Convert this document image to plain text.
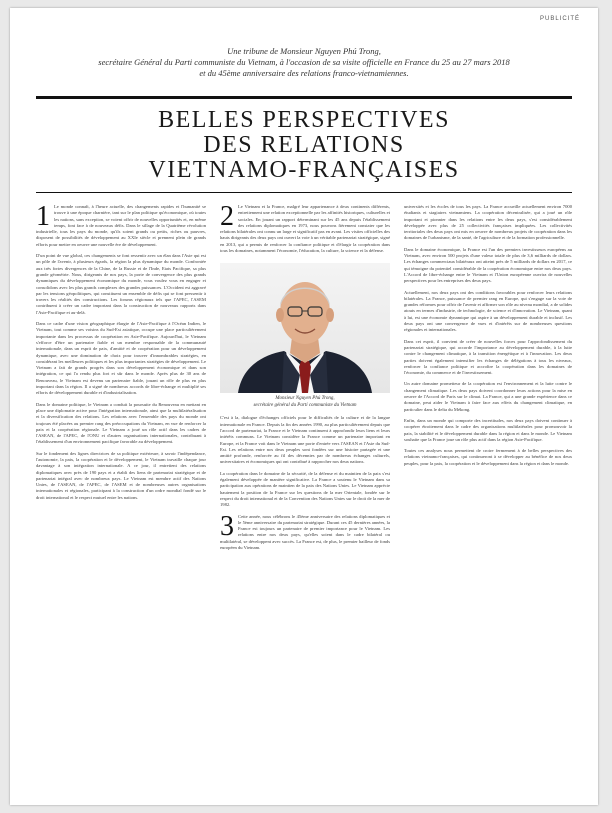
PUBLICITÉ
Une tribune de Monsieur Nguyen Phú Trong,
secrétaire Général du Parti communiste du Vietnam, à l'occasion de sa visite officielle en France du 25 au 27 mars 2018
et du 45ème anniversaire des relations franco-vietnamiennes.
BELLES PERSPECTIVES
DES RELATIONS
VIETNAMO-FRANÇAISES
1 Le monde connaît, à l'heure actuelle, des changements rapides et l'humanité se trouve à une époque charnière, tant sur le plan politique qu'économique, où toutes les nations, sans exception, se voient offrir de nouvelles opportunités et, en même temps, font face à de nouveaux défis. Dans le sillage de la Quatrième révolution industrielle, tous les pays du monde, qu'ils soient grands ou petits, riches ou pauvres, disposent de possibilités de développement au XXIe siècle et prennent plein de grands efforts pour mettre en oeuvre une nouvelle ère de développement.

D'un point de vue global, ces changements se font ressentir avec un élan dans l'Asie qui est un pôle de l'avenir, à plusieurs égards, la région la plus dynamique du monde. Confrontée aux très fortes divergences de la Chine, de la Russie et de l'Inde, Etats Pacifique, sa plus grande géométrie. Nous, dirigeants de nos pays, la porte de convergence des plus grands dynamiques du développement économique du monde, vous voulez vous en engager et consolidons avec les plus grands complexes des grandes puissances. L'Occident est aggravé par les tensions géopolitiques, qui constituent un ensemble de défis qui se font pressentir à travers les réalités des constructions. Les forums régionaux tels que l'APEC, l'ASEM contribuent à créer un cadre important dans la construction de nouveaux rapports dans l'Asie-Pacifique et au-delà.

Dans ce cadre d'une vision géographique élargie de l'Asie-Pacifique à l'Océan Indien, le Vietnam, tout comme ses voisins du Sud-Est asiatique, occupe une place particulièrement importante dans les processus de coopération en Asie-Pacifique. Aujourd'hui, le Vietnam s'efforce d'être un partenaire fiable et un membre responsable de la communauté internationale, dans un esprit de paix, d'amitié et de coopération pour un développement dynamique, avec une domination de choix pour trouver d'innombrables stratégies, en considérant les meilleures politiques et les plus importantes stratégies de développement. Le Vietnam a fait de grands progrès dans son développement économique et dans son intégration, ce qui l'a rendu plus fort et sûr dans le monde. Après plus de 30 ans de Renouveau, le Vietnam est devenu un partenaire fiable, jouant un rôle de plus en plus important dans la région. Il a signé de nombreux accords de libre-échange et multiplié ses efforts de développement durable et d'industrialisation.

Dans le domaine politique, le Vietnam a conduit la poursuite du Renouveau en mettant en place une diplomatie active pour l'intégration internationale, ainsi que la multilatéralisation et la diversification des relations. Les relations avec l'ensemble des pays du monde ont toujours été placées au premier rang des préoccupations du Vietnam, en vue de renforcer la paix et la coopération régionale. Le Vietnam a joué un rôle actif dans les cadres de l'ASEAN, de l'APEC, de l'ONU et d'autres organisations internationales, contribuant à l'établissement d'un environnement pacifique favorable au développement.

Sur le fondement des lignes directrices de sa politique extérieure, à savoir l'indépendance, l'autonomie, la paix, la coopération et le développement, le Vietnam travaille chaque jour davantage à son intégration internationale. A ce jour, il entretient des relations diplomatiques avec près de 190 pays et a établi des liens de partenariat stratégique et de partenariat intégral avec de nombreux pays. Le Vietnam est membre actif des Nations Unies, de l'ASEAN, de l'APEC, de l'ASEM et de nombreuses autres organisations internationales et régionales, participant à la construction d'un ordre mondial fondé sur le droit international et le respect mutuel entre les nations.

2 Le Vietnam et la France, malgré leur appartenance à deux continents différents, entretiennent une relation exceptionnelle par les affinités historiques, culturelles et sociales. En jouant un rapport déterminant sur les 45 ans depuis l'établissement des relations diplomatiques en 1973, nous pouvons fièrement constater que les relations bilatérales ont connu un large et significatif pas en avant. Les visites officielles des hauts dirigeants des deux pays ont ouvert la voie à un véritable partenariat stratégique, signé en 2013, qui a permis de renforcer la confiance politique et d'élargir la coopération dans tous les domaines, notamment l'économie, l'éducation, la culture, la science et la défense.

Monsieur Nguyen Phú Trong,
secrétaire général du Parti communiste du Vietnam

C'est à la, dialogue d'échanges officiels pour le difficultés de la culture et de la langue internationale en France. Depuis la fin des années 1990, au plus particulièrement depuis que l'accord de partenariat, la France et le Vietnam continuent à approfondir leurs liens et leurs intérêts communs. Le Vietnam considère la France comme un partenaire important en Europe, et la France voit dans le Vietnam une porte d'entrée vers l'ASEAN et l'Asie du Sud-Est. Les relations entre nos deux peuples sont fondées sur une histoire partagée et une amitié profonde, renforcée au fil des décennies par de nombreux échanges culturels, universitaires et économiques qui ont contribué à rapprocher nos deux nations.

La coopération dans le domaine de la sécurité, de la défense et du maintien de la paix s'est également développée de manière significative. La France a soutenu le Vietnam dans sa participation aux opérations de maintien de la paix des Nations Unies. Le Vietnam apprécie hautement la position de la France sur les questions de la mer Orientale, fondée sur le respect du droit international et de la Convention des Nations Unies sur le droit de la mer de 1982.

3 Cette année, nous célébrons le 45ème anniversaire des relations diplomatiques et le 5ème anniversaire du partenariat stratégique. Durant ces 45 dernières années, la France est toujours un partenaire de premier importance pour le Vietnam. Les relations entre nos deux pays, qu'elles soient dans le cadre bilatéral ou multilatéral, se développent avec succès. La France est, de plus, le premier bailleur de fonds européen du Vietnam.

universités et les écoles de tous les pays. La France accueille actuellement environ 7000 étudiants et stagiaires vietnamiens. La coopération décentralisée, qui a joué un rôle important et pionnier dans les relations entre les deux pays, s'est considérablement développée avec plus de 25 collectivités françaises impliquées. Les collectivités territoriales des deux pays ont mis en oeuvre de nombreux projets de coopération dans les domaines de l'urbanisme, de la santé, de l'agriculture et de la formation professionnelle.

Dans le domaine économique, la France est l'un des premiers investisseurs européens au Vietnam, avec environ 500 projets d'une valeur totale de plus de 3,6 milliards de dollars. Les échanges commerciaux bilatéraux ont atteint près de 5 milliards de dollars en 2017, ce qui témoigne du potentiel considérable de la coopération économique entre nos deux pays. L'Accord de libre-échange entre le Vietnam et l'Union européenne ouvrira de nouvelles perspectives pour les entreprises des deux pays.

Actuellement, nos deux pays ont des conditions favorables pour renforcer leurs relations bilatérales. La France, puissance de premier rang en Europe, qui s'engage sur la voie de grandes réformes pour offrir de l'avenir et affirmer son rôle au niveau mondial, a de solides atouts en termes d'industrie, de technologie, de science et d'innovation. Le Vietnam, quant à lui, est une économie dynamique qui aspire à un développement durable et inclusif. Les deux pays ont une convergence de vues et d'intérêts sur de nombreuses questions régionales et internationales.

Dans cet esprit, il convient de créer de nouvelles forces pour l'approfondissement du partenariat stratégique, qui accorde l'importance au développement durable, à la lutte contre le changement climatique, à la transition énergétique et à l'innovation. Les deux parties doivent également intensifier les échanges de délégations à tous les niveaux, renforcer la confiance politique et accroître la coopération dans les domaines de l'économie, du commerce et de l'investissement.

Un autre domaine prometteur de la coopération est l'environnement et la lutte contre le changement climatique. Les deux pays doivent coordonner leurs actions pour la mise en oeuvre de l'Accord de Paris sur le climat. La France, qui a une grande expérience dans ce domaine, peut aider le Vietnam à faire face aux effets du changement climatique, en particulier dans le delta du Mékong.

Enfin, dans un monde qui comporte des incertitudes, nos deux pays doivent continuer à coopérer étroitement dans le cadre des organisations multilatérales pour promouvoir la paix, la stabilité et le développement durable dans la région et dans le monde. Le Vietnam souhaite que la France joue un rôle plus actif dans la région Asie-Pacifique.

Toutes ces analyses nous permettent de croire fermement à de belles perspectives des relations vietnamo-françaises, qui continueront à se développer au bénéfice de nos deux peuples, pour la paix, la coopération et le développement dans la région et dans le monde.
